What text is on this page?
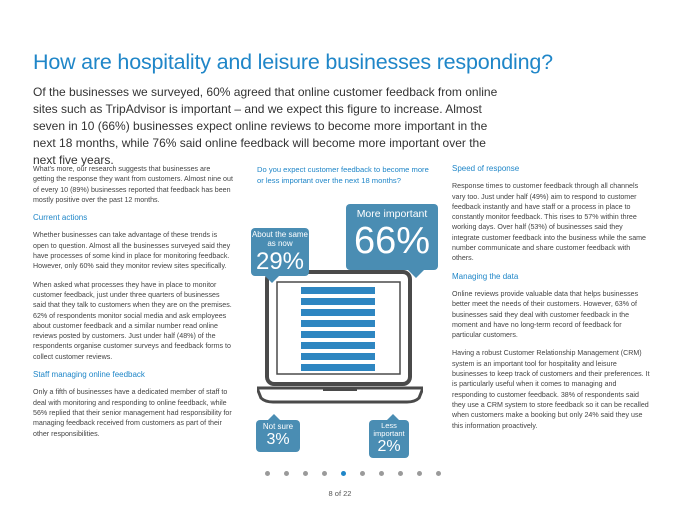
How are hospitality and leisure businesses responding?

Of the businesses we surveyed, 60% agreed that online customer feedback from online sites such as TripAdvisor is important – and we expect this figure to increase. Almost seven in 10 (66%) businesses expect online reviews to become more important in the next 18 months, while 76% said online feedback will become more important over the next five years.

What’s more, our research suggests that businesses are getting the response they want from customers. Almost nine out of every 10 (89%) businesses reported that feedback has been mostly positive over the past 12 months.

Current actions

Whether businesses can take advantage of these trends is open to question. Almost all the businesses surveyed said they have processes of some kind in place for monitoring feedback. However, only 60% said they monitor review sites specifically.

When asked what processes they have in place to monitor customer feedback, just under three quarters of businesses said that they talk to customers when they are on the premises. 62% of respondents monitor social media and ask employees about customer feedback and a similar number read online reviews posted by customers. Just under half (48%) of the respondents organise customer surveys and feedback forms to collect customer reviews.

Staff managing online feedback

Only a fifth of businesses have a dedicated member of staff to deal with monitoring and responding to online feedback, while 56% replied that their senior management had responsibility for managing feedback received from customers as part of their other responsibilities.

Do you expect customer feedback to become more or less important over the next 18 months?

About the same as now
29%
More important
66%
Not sure
3%
Less important
2%
Speed of response

Response times to customer feedback through all channels vary too. Just under half (49%) aim to respond to customer feedback instantly and have staff or a process in place to constantly monitor feedback. This rises to 57% within three working days. Over half (53%) of businesses said they integrate customer feedback into the business while the same number communicate and share customer feedback with others.

Managing the data

Online reviews provide valuable data that helps businesses better meet the needs of their customers. However, 63% of businesses said they deal with customer feedback in the moment and have no long-term record of feedback for particular customers.

Having a robust Customer Relationship Management (CRM) system is an important tool for hospitality and leisure businesses to keep track of customers and their preferences. It is particularly useful when it comes to managing and responding to customer feedback. 38% of respondents said they use a CRM system to store feedback so it can be recalled when customers make a booking but only 24% said they use this information proactively.

8 of 22
